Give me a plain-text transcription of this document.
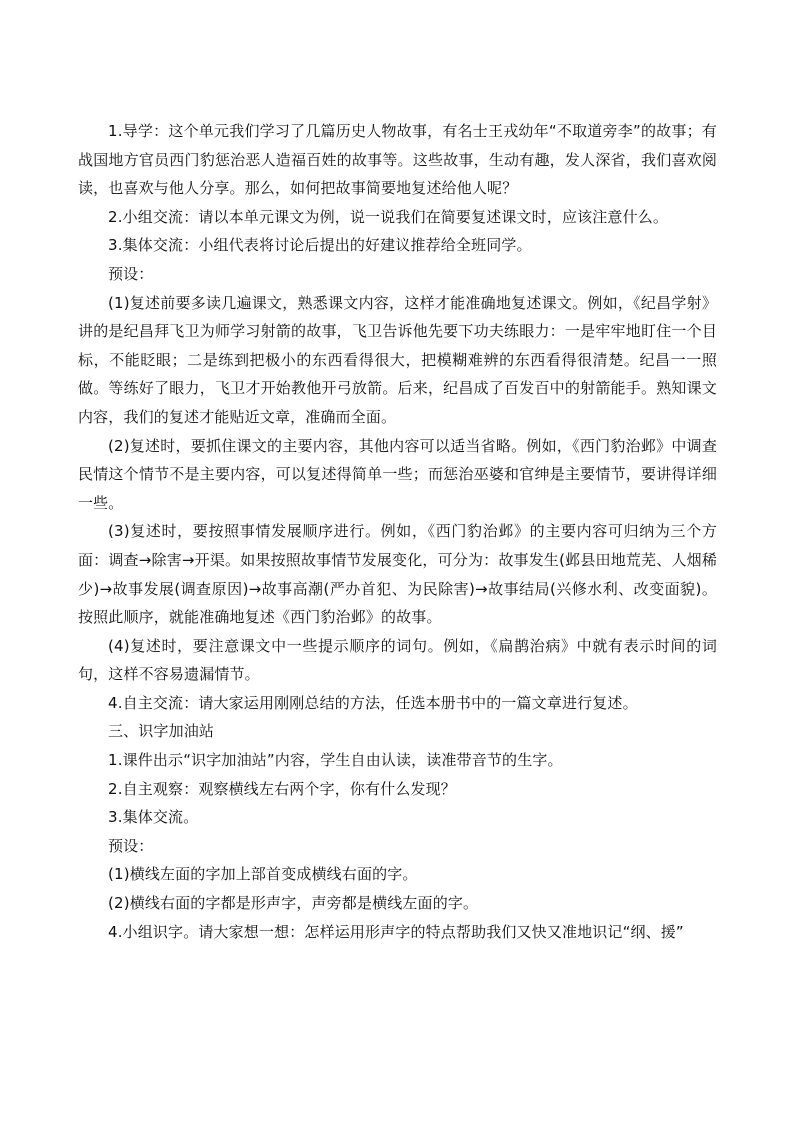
1.导学：这个单元我们学习了几篇历史人物故事，有名士王戎幼年“不取道旁李”的故事；有战国地方官员西门豹惩治恶人造福百姓的故事等。这些故事，生动有趣，发人深省，我们喜欢阅读，也喜欢与他人分享。那么，如何把故事简要地复述给他人呢？

2.小组交流：请以本单元课文为例，说一说我们在简要复述课文时，应该注意什么。

3.集体交流：小组代表将讨论后提出的好建议推荐给全班同学。

预设：

(1)复述前要多读几遍课文，熟悉课文内容，这样才能准确地复述课文。例如，《纪昌学射》讲的是纪昌拜飞卫为师学习射箭的故事，飞卫告诉他先要下功夫练眼力：一是牢牢地盯住一个目标，不能眨眼；二是练到把极小的东西看得很大，把模糊难辨的东西看得很清楚。纪昌一一照做。等练好了眼力，飞卫才开始教他开弓放箭。后来，纪昌成了百发百中的射箭能手。熟知课文内容，我们的复述才能贴近文章，准确而全面。

(2)复述时，要抓住课文的主要内容，其他内容可以适当省略。例如，《西门豹治邺》中调查民情这个情节不是主要内容，可以复述得简单一些；而惩治巫婆和官绅是主要情节，要讲得详细一些。

(3)复述时，要按照事情发展顺序进行。例如，《西门豹治邺》的主要内容可归纳为三个方面：调查→除害→开渠。如果按照故事情节发展变化，可分为：故事发生(邺县田地荒芜、人烟稀少)→故事发展(调查原因)→故事高潮(严办首犯、为民除害)→故事结局(兴修水利、改变面貌)。按照此顺序，就能准确地复述《西门豹治邺》的故事。

(4)复述时，要注意课文中一些提示顺序的词句。例如，《扁鹊治病》中就有表示时间的词句，这样不容易遗漏情节。

4.自主交流：请大家运用刚刚总结的方法，任选本册书中的一篇文章进行复述。

三、识字加油站

1.课件出示“识字加油站”内容，学生自由认读，读准带音节的生字。

2.自主观察：观察横线左右两个字，你有什么发现？

3.集体交流。

预设：

(1)横线左面的字加上部首变成横线右面的字。

(2)横线右面的字都是形声字，声旁都是横线左面的字。

4.小组识字。请大家想一想：怎样运用形声字的特点帮助我们又快又准地识记“纲、援”
